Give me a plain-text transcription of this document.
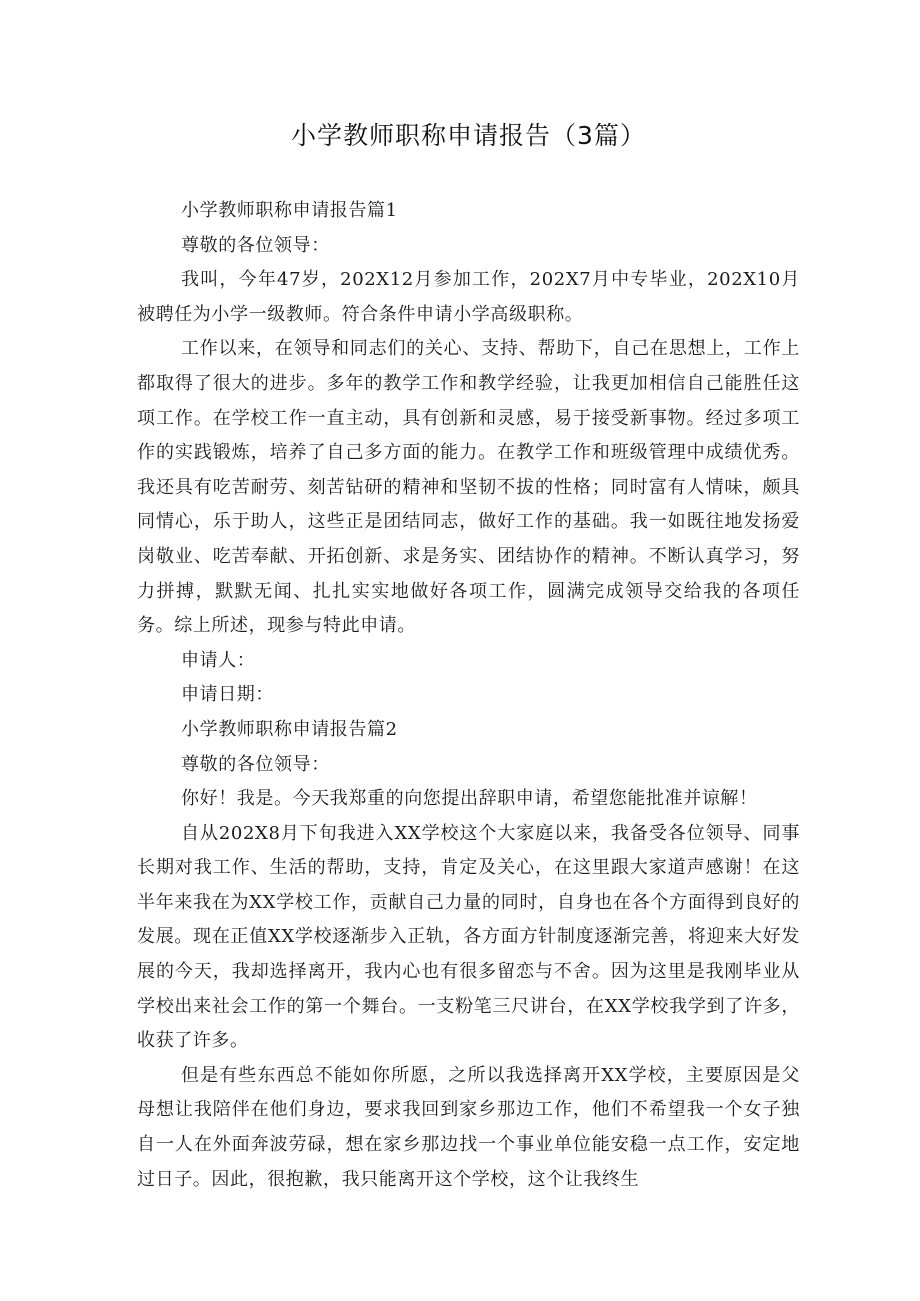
小学教师职称申请报告（3篇）

小学教师职称申请报告篇1

尊敬的各位领导：

我叫，今年47岁，202X12月参加工作，202X7月中专毕业，202X10月被聘任为小学一级教师。符合条件申请小学高级职称。

工作以来，在领导和同志们的关心、支持、帮助下，自己在思想上，工作上都取得了很大的进步。多年的教学工作和教学经验，让我更加相信自己能胜任这项工作。在学校工作一直主动，具有创新和灵感，易于接受新事物。经过多项工作的实践锻炼，培养了自己多方面的能力。在教学工作和班级管理中成绩优秀。我还具有吃苦耐劳、刻苦钻研的精神和坚韧不拔的性格；同时富有人情味，颇具同情心，乐于助人，这些正是团结同志，做好工作的基础。我一如既往地发扬爱岗敬业、吃苦奉献、开拓创新、求是务实、团结协作的精神。不断认真学习，努力拼搏，默默无闻、扎扎实实地做好各项工作，圆满完成领导交给我的各项任务。综上所述，现参与特此申请。

申请人：

申请日期：

小学教师职称申请报告篇2

尊敬的各位领导：

你好！我是。今天我郑重的向您提出辞职申请，希望您能批准并谅解！

自从202X8月下旬我进入XX学校这个大家庭以来，我备受各位领导、同事长期对我工作、生活的帮助，支持，肯定及关心，在这里跟大家道声感谢！在这半年来我在为XX学校工作，贡献自己力量的同时，自身也在各个方面得到良好的发展。现在正值XX学校逐渐步入正轨，各方面方针制度逐渐完善，将迎来大好发展的今天，我却选择离开，我内心也有很多留恋与不舍。因为这里是我刚毕业从学校出来社会工作的第一个舞台。一支粉笔三尺讲台，在XX学校我学到了许多，收获了许多。

但是有些东西总不能如你所愿，之所以我选择离开XX学校，主要原因是父母想让我陪伴在他们身边，要求我回到家乡那边工作，他们不希望我一个女子独自一人在外面奔波劳碌，想在家乡那边找一个事业单位能安稳一点工作，安定地过日子。因此，很抱歉，我只能离开这个学校，这个让我终生
